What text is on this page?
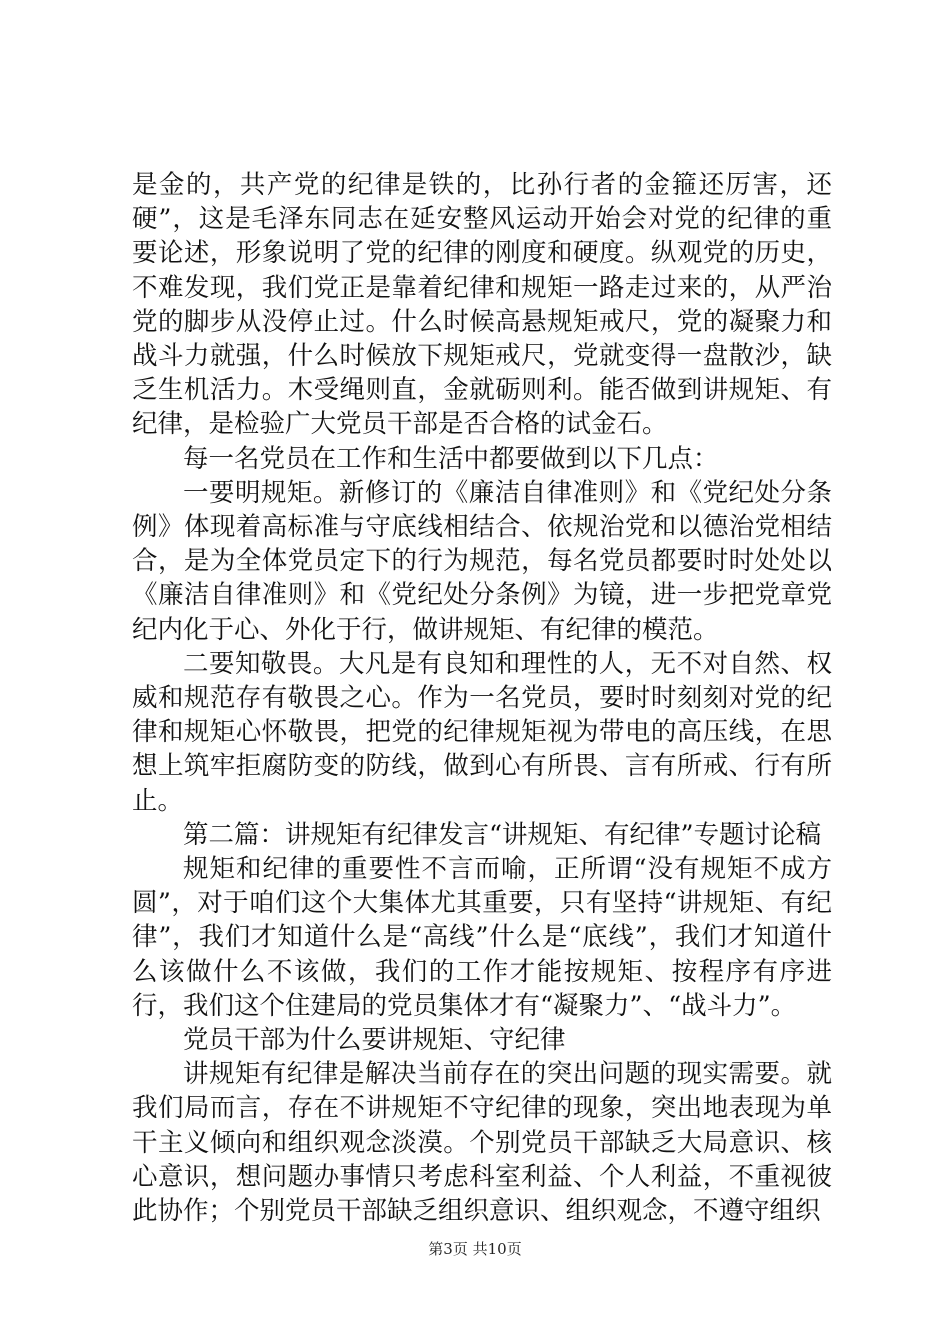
是金的，共产党的纪律是铁的，比孙行者的金箍还厉害，还硬”，这是毛泽东同志在延安整风运动开始会对党的纪律的重要论述，形象说明了党的纪律的刚度和硬度。纵观党的历史，不难发现，我们党正是靠着纪律和规矩一路走过来的，从严治党的脚步从没停止过。什么时候高悬规矩戒尺，党的凝聚力和战斗力就强，什么时候放下规矩戒尺，党就变得一盘散沙，缺乏生机活力。木受绳则直，金就砺则利。能否做到讲规矩、有纪律，是检验广大党员干部是否合格的试金石。

每一名党员在工作和生活中都要做到以下几点：

一要明规矩。新修订的《廉洁自律准则》和《党纪处分条例》体现着高标准与守底线相结合、依规治党和以德治党相结合，是为全体党员定下的行为规范，每名党员都要时时处处以《廉洁自律准则》和《党纪处分条例》为镜，进一步把党章党纪内化于心、外化于行，做讲规矩、有纪律的模范。

二要知敬畏。大凡是有良知和理性的人，无不对自然、权威和规范存有敬畏之心。作为一名党员，要时时刻刻对党的纪律和规矩心怀敬畏，把党的纪律规矩视为带电的高压线，在思想上筑牢拒腐防变的防线，做到心有所畏、言有所戒、行有所止。

第二篇：讲规矩有纪律发言“讲规矩、有纪律”专题讨论稿

规矩和纪律的重要性不言而喻，正所谓“没有规矩不成方圆”，对于咱们这个大集体尤其重要，只有坚持“讲规矩、有纪律”，我们才知道什么是“高线”什么是“底线”，我们才知道什么该做什么不该做，我们的工作才能按规矩、按程序有序进行，我们这个住建局的党员集体才有“凝聚力”、“战斗力”。

党员干部为什么要讲规矩、守纪律

讲规矩有纪律是解决当前存在的突出问题的现实需要。就我们局而言，存在不讲规矩不守纪律的现象，突出地表现为单干主义倾向和组织观念淡漠。个别党员干部缺乏大局意识、核心意识，想问题办事情只考虑科室利益、个人利益，不重视彼此协作；个别党员干部缺乏组织意识、组织观念，不遵守组织

第3页 共10页
